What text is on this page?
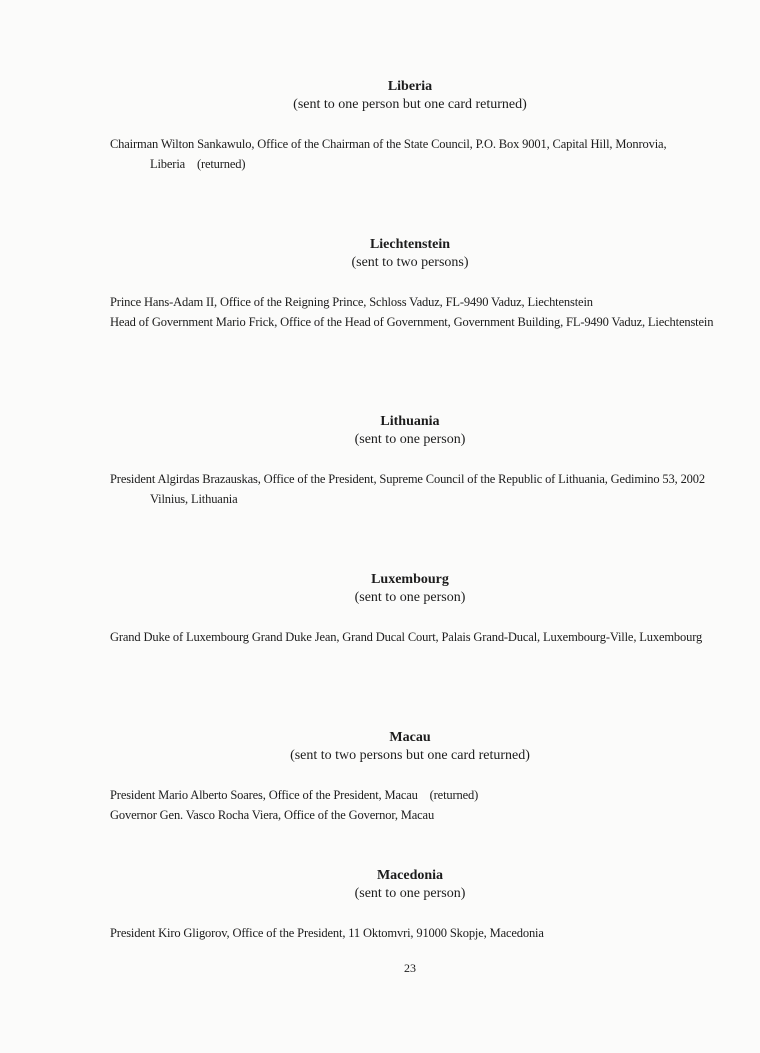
Liberia

(sent to one person but one card returned)

Chairman Wilton Sankawulo, Office of the Chairman of the State Council, P.O. Box 9001, Capital Hill, Monrovia, Liberia    (returned)

Liechtenstein

(sent to two persons)

Prince Hans-Adam II, Office of the Reigning Prince, Schloss Vaduz, FL-9490 Vaduz, Liechtenstein

Head of Government Mario Frick, Office of the Head of Government, Government Building, FL-9490 Vaduz, Liechtenstein

Lithuania

(sent to one person)

President Algirdas Brazauskas, Office of the President, Supreme Council of the Republic of Lithuania, Gedimino 53, 2002 Vilnius, Lithuania

Luxembourg

(sent to one person)

Grand Duke of Luxembourg Grand Duke Jean, Grand Ducal Court, Palais Grand-Ducal, Luxembourg-Ville, Luxembourg

Macau

(sent to two persons but one card returned)

President Mario Alberto Soares, Office of the President, Macau    (returned)

Governor Gen. Vasco Rocha Viera, Office of the Governor, Macau

Macedonia

(sent to one person)

President Kiro Gligorov, Office of the President, 11 Oktomvri, 91000 Skopje, Macedonia

23
